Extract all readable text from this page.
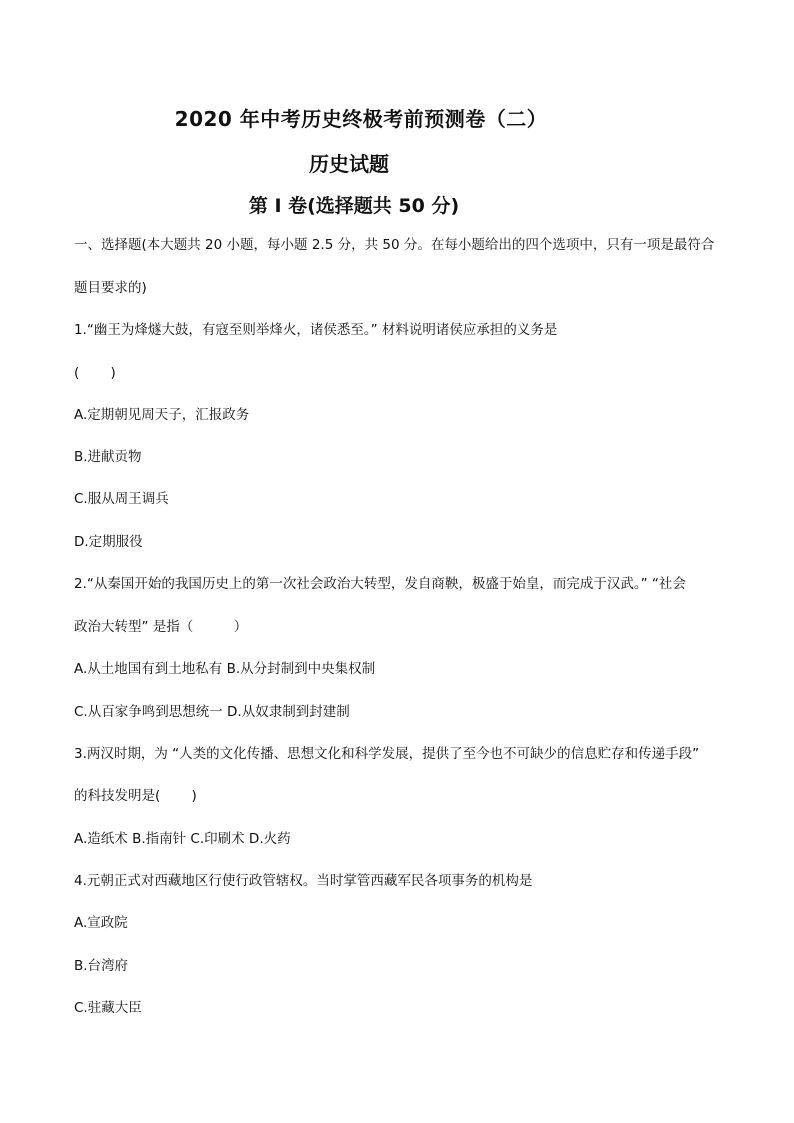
2020 年中考历史终极考前预测卷（二）
历史试题
第 I 卷(选择题共 50 分)
一、选择题(本大题共 20 小题，每小题 2.5 分，共 50 分。在每小题给出的四个选项中，只有一项是最符合
题目要求的)
1.“幽王为烽燧大鼓，有寇至则举烽火，诸侯悉至。” 材料说明诸侯应承担的义务是
(　　 )
A.定期朝见周天子，汇报政务
B.进献贡物
C.服从周王调兵
D.定期服役
2.“从秦国开始的我国历史上的第一次社会政治大转型，发自商鞅，极盛于始皇，而完成于汉武。” “社会
政治大转型” 是指（　　　）
A.从土地国有到土地私有 B.从分封制到中央集权制
C.从百家争鸣到思想统一 D.从奴隶制到封建制
3.两汉时期，为 “人类的文化传播、思想文化和科学发展，提供了至今也不可缺少的信息贮存和传递手段”
的科技发明是(　　 )
A.造纸术 B.指南针 C.印刷术 D.火药
4.元朝正式对西藏地区行使行政管辖权。当时掌管西藏军民各项事务的机构是
A.宣政院
B.台湾府
C.驻藏大臣
